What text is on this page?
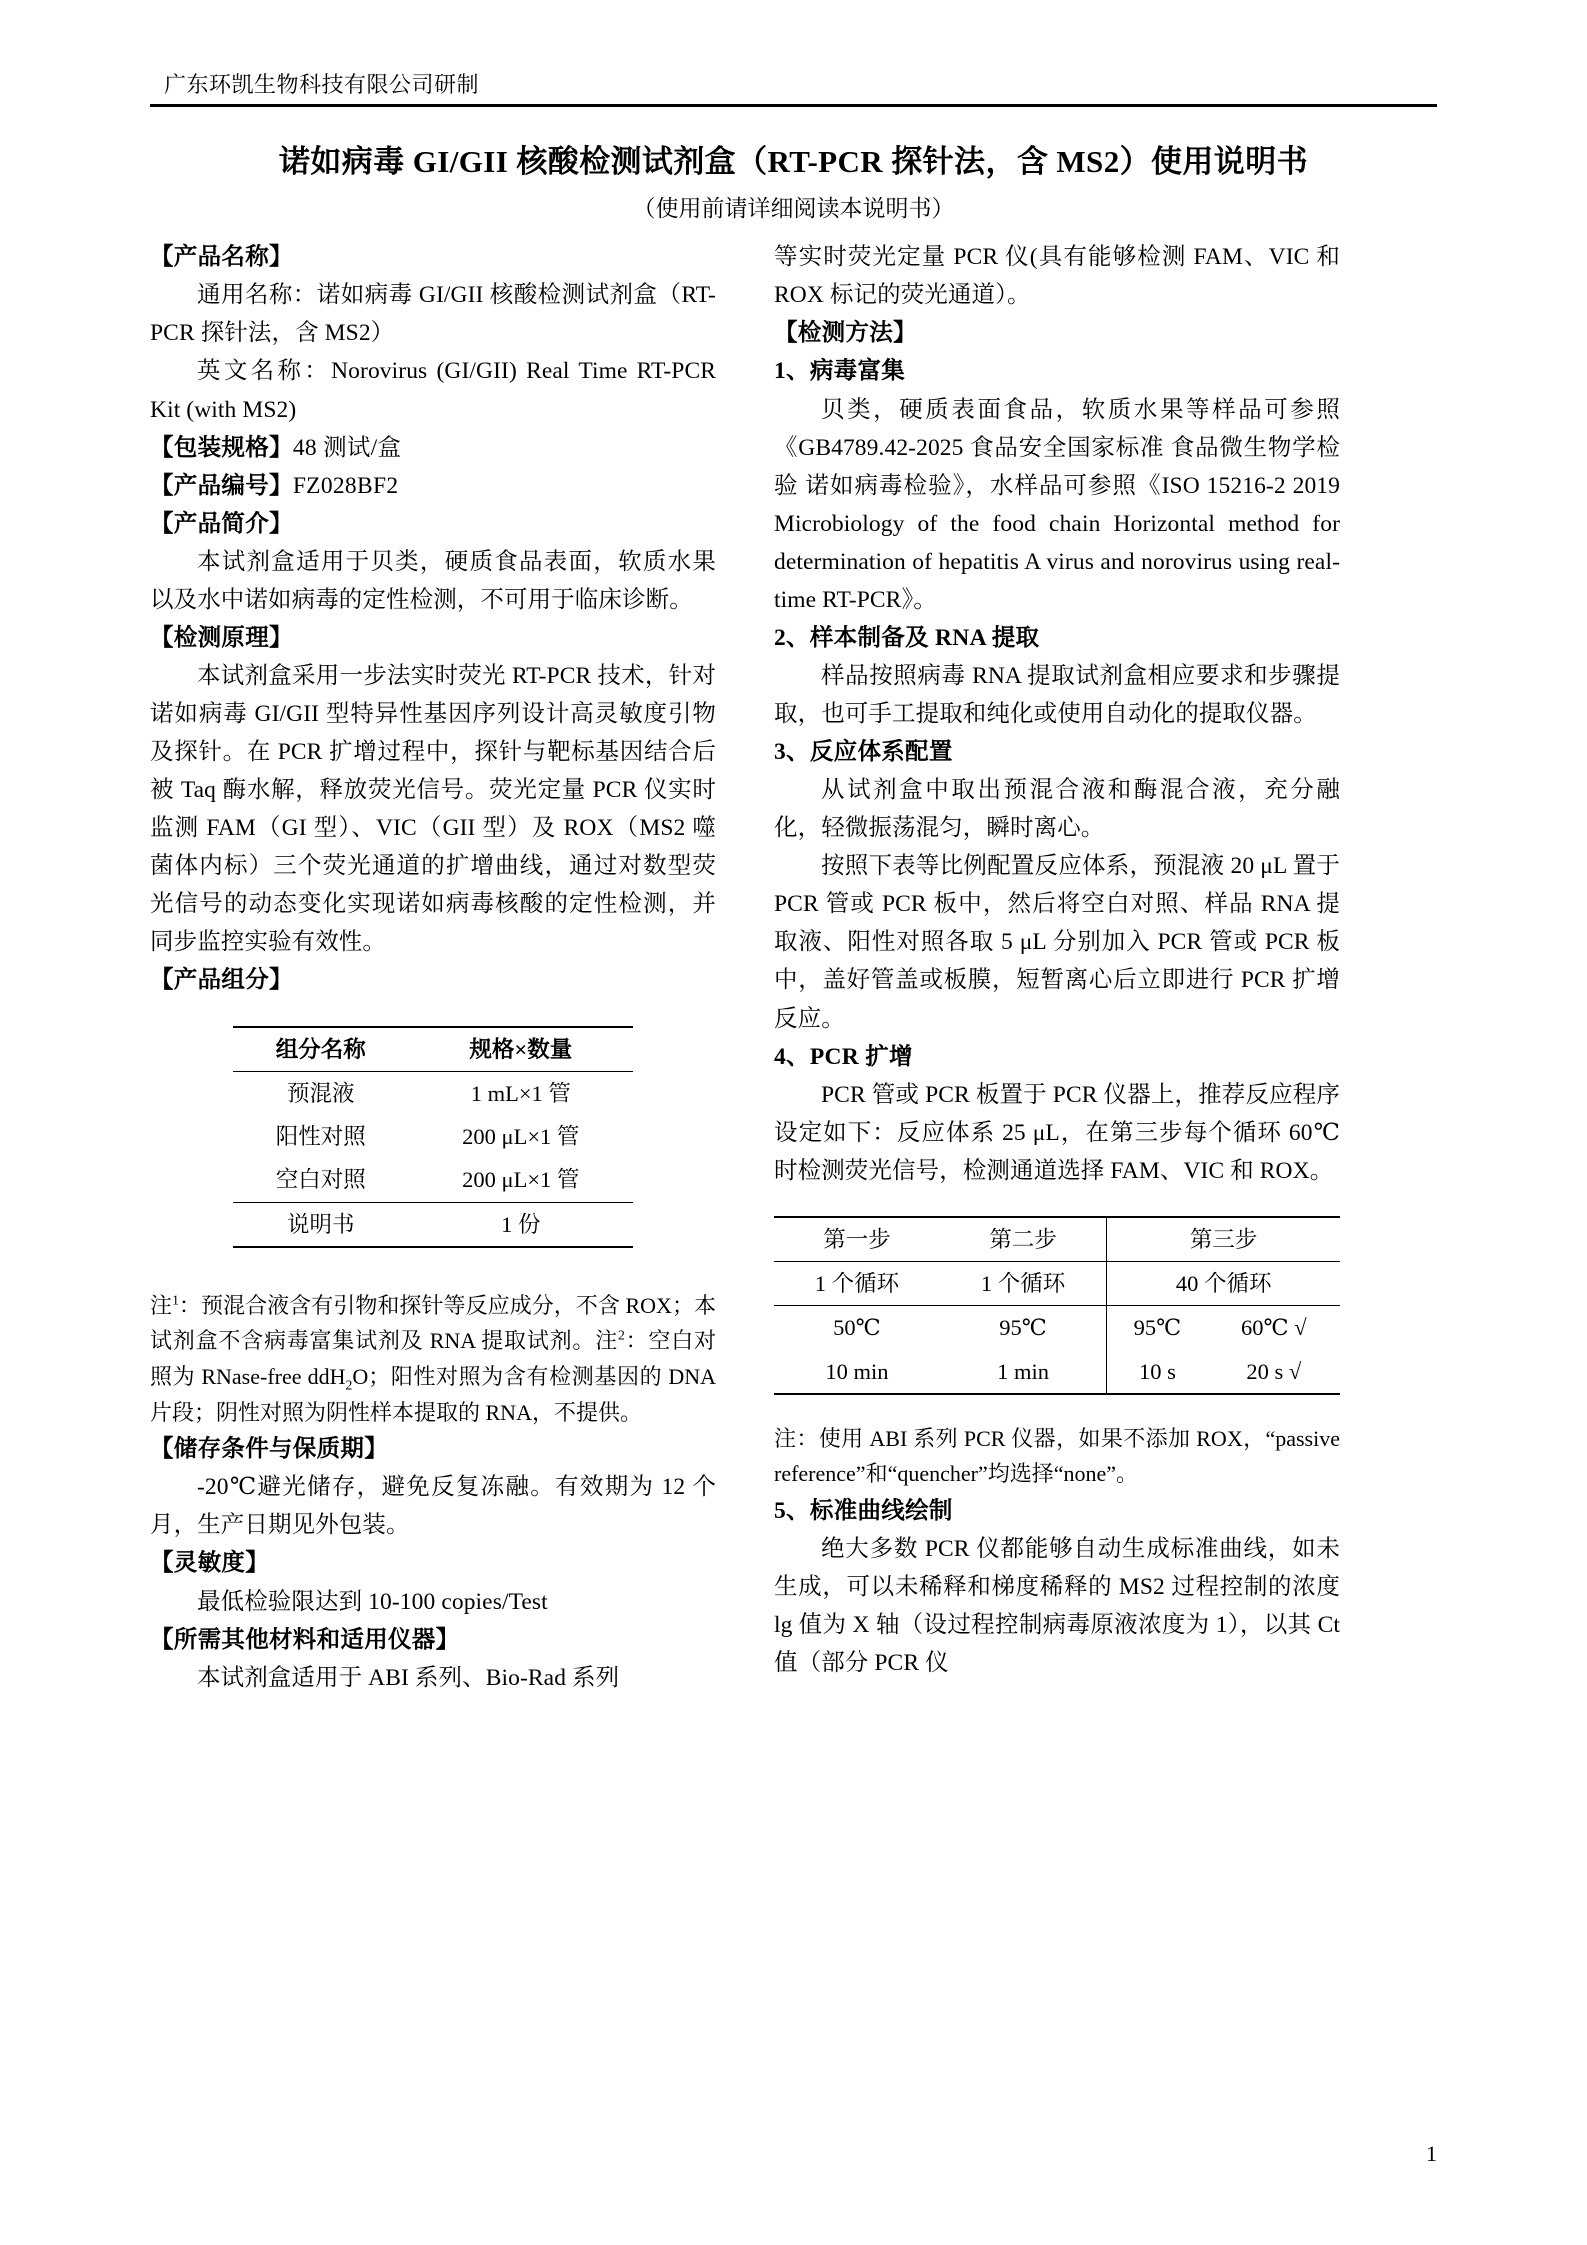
广东环凯生物科技有限公司研制
诺如病毒 GI/GII 核酸检测试剂盒（RT-PCR 探针法，含 MS2）使用说明书
（使用前请详细阅读本说明书）
【产品名称】

通用名称：诺如病毒 GI/GII 核酸检测试剂盒（RT-PCR 探针法，含 MS2）

英文名称：Norovirus (GI/GII) Real Time RT-PCR Kit (with MS2)

【包装规格】48 测试/盒
【产品编号】FZ028BF2
【产品简介】

本试剂盒适用于贝类，硬质食品表面，软质水果以及水中诺如病毒的定性检测，不可用于临床诊断。

【检测原理】

本试剂盒采用一步法实时荧光 RT-PCR 技术，针对诺如病毒 GI/GII 型特异性基因序列设计高灵敏度引物及探针。在 PCR 扩增过程中，探针与靶标基因结合后被 Taq 酶水解，释放荧光信号。荧光定量 PCR 仪实时监测 FAM（GI 型）、VIC（GII 型）及 ROX（MS2 噬菌体内标）三个荧光通道的扩增曲线，通过对数型荧光信号的动态变化实现诺如病毒核酸的定性检测，并同步监控实验有效性。

【产品组分】
组分名称	规格×数量
预混液	1 mL×1 管
阳性对照	200 μL×1 管
空白对照	200 μL×1 管
说明书	1 份

注$^1$：预混合液含有引物和探针等反应成分，不含 ROX；本试剂盒不含病毒富集试剂及 RNA 提取试剂。注$^2$：空白对照为 RNase-free ddH$_2$O；阳性对照为含有检测基因的 DNA 片段；阴性对照为阴性样本提取的 RNA，不提供。

【储存条件与保质期】

-20℃避光储存，避免反复冻融。有效期为 12 个月，生产日期见外包装。

【灵敏度】

最低检验限达到 10-100 copies/Test

【所需其他材料和适用仪器】

本试剂盒适用于 ABI 系列、Bio-Rad 系列

等实时荧光定量 PCR 仪(具有能够检测 FAM、VIC 和 ROX 标记的荧光通道）。

【检测方法】
1、病毒富集

贝类，硬质表面食品，软质水果等样品可参照《GB4789.42-2025 食品安全国家标准 食品微生物学检验 诺如病毒检验》，水样品可参照《ISO 15216-2 2019 Microbiology of the food chain Horizontal method for determination of hepatitis A virus and norovirus using real-time RT-PCR》。

2、样本制备及 RNA 提取

样品按照病毒 RNA 提取试剂盒相应要求和步骤提取，也可手工提取和纯化或使用自动化的提取仪器。

3、反应体系配置

从试剂盒中取出预混合液和酶混合液，充分融化，轻微振荡混匀，瞬时离心。

按照下表等比例配置反应体系，预混液 20 μL 置于 PCR 管或 PCR 板中，然后将空白对照、样品 RNA 提取液、阳性对照各取 5 μL 分别加入 PCR 管或 PCR 板中，盖好管盖或板膜，短暂离心后立即进行 PCR 扩增反应。

4、PCR 扩增

PCR 管或 PCR 板置于 PCR 仪器上，推荐反应程序设定如下：反应体系 25 μL，在第三步每个循环 60℃时检测荧光信号，检测通道选择 FAM、VIC 和 ROX。

第一步	第二步	第三步	
1 个循环	1 个循环	40 个循环	
50℃	95℃	95℃	60℃ √
10 min	1 min	10 s	20 s √

注：使用 ABI 系列 PCR 仪器，如果不添加 ROX，“passive reference”和“quencher”均选择“none”。

5、标准曲线绘制

绝大多数 PCR 仪都能够自动生成标准曲线，如未生成，可以未稀释和梯度稀释的 MS2 过程控制的浓度 lg 值为 X 轴（设过程控制病毒原液浓度为 1），以其 Ct 值（部分 PCR 仪

1
